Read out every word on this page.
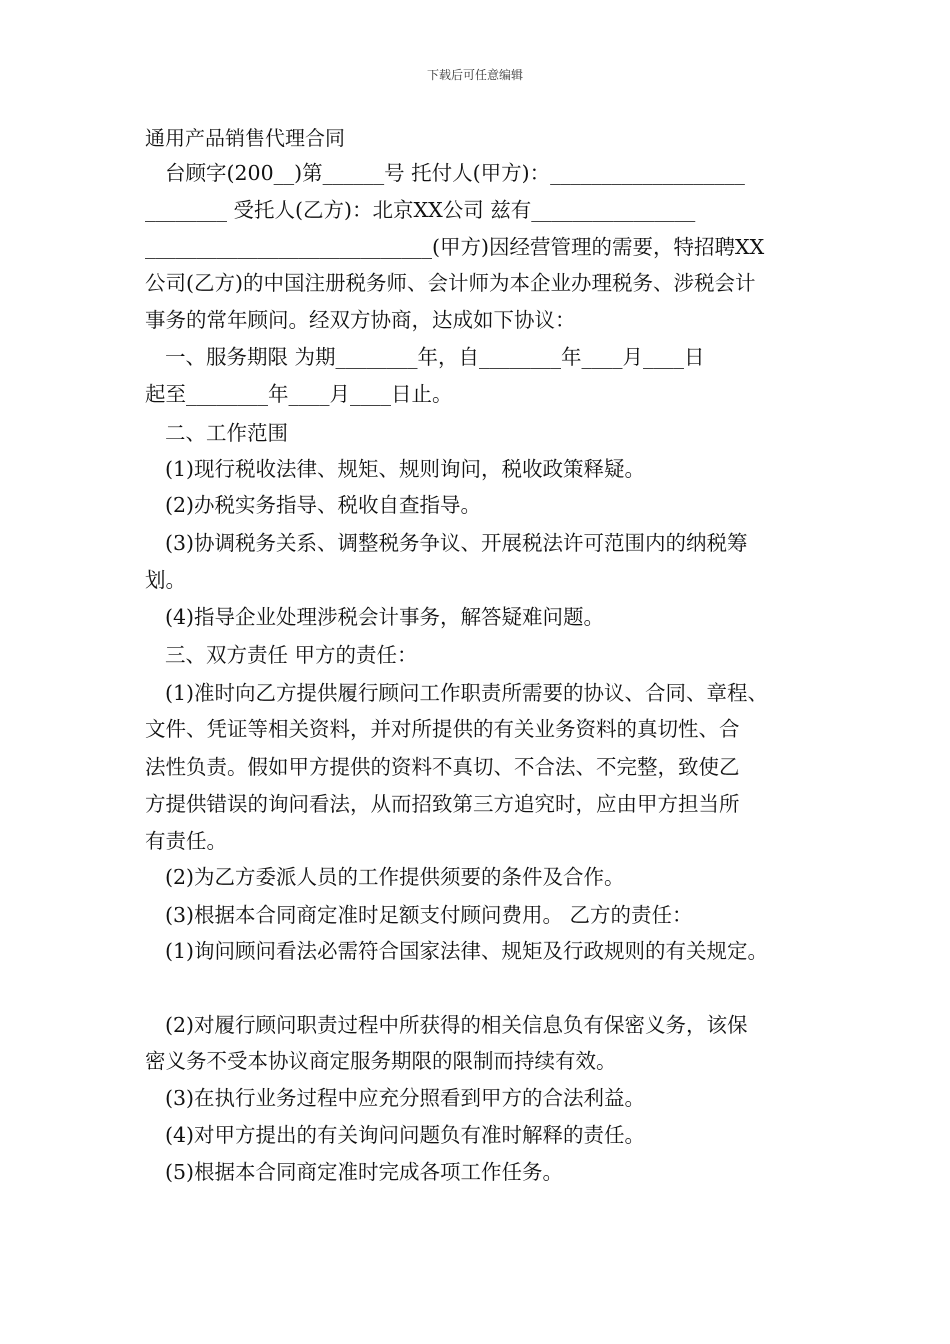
下载后可任意编辑
通用产品销售代理合同
台顾字(200__)第______号 托付人(甲方)：___________________
________ 受托人(乙方)：北京XX公司 兹有________________
____________________________(甲方)因经营管理的需要，特招聘XX
公司(乙方)的中国注册税务师、会计师为本企业办理税务、涉税会计
事务的常年顾问。经双方协商，达成如下协议：
一、服务期限 为期________年，自________年____月____日
起至________年____月____日止。
二、工作范围
(1)现行税收法律、规矩、规则询问，税收政策释疑。
(2)办税实务指导、税收自查指导。
(3)协调税务关系、调整税务争议、开展税法许可范围内的纳税筹
划。
(4)指导企业处理涉税会计事务，解答疑难问题。
三、双方责任 甲方的责任：
(1)准时向乙方提供履行顾问工作职责所需要的协议、合同、章程、
文件、凭证等相关资料，并对所提供的有关业务资料的真切性、合
法性负责。假如甲方提供的资料不真切、不合法、不完整，致使乙
方提供错误的询问看法，从而招致第三方追究时，应由甲方担当所
有责任。
(2)为乙方委派人员的工作提供须要的条件及合作。
(3)根据本合同商定准时足额支付顾问费用。 乙方的责任：
(1)询问顾问看法必需符合国家法律、规矩及行政规则的有关规定。
(2)对履行顾问职责过程中所获得的相关信息负有保密义务，该保
密义务不受本协议商定服务期限的限制而持续有效。
(3)在执行业务过程中应充分照看到甲方的合法利益。
(4)对甲方提出的有关询问问题负有准时解释的责任。
(5)根据本合同商定准时完成各项工作任务。
